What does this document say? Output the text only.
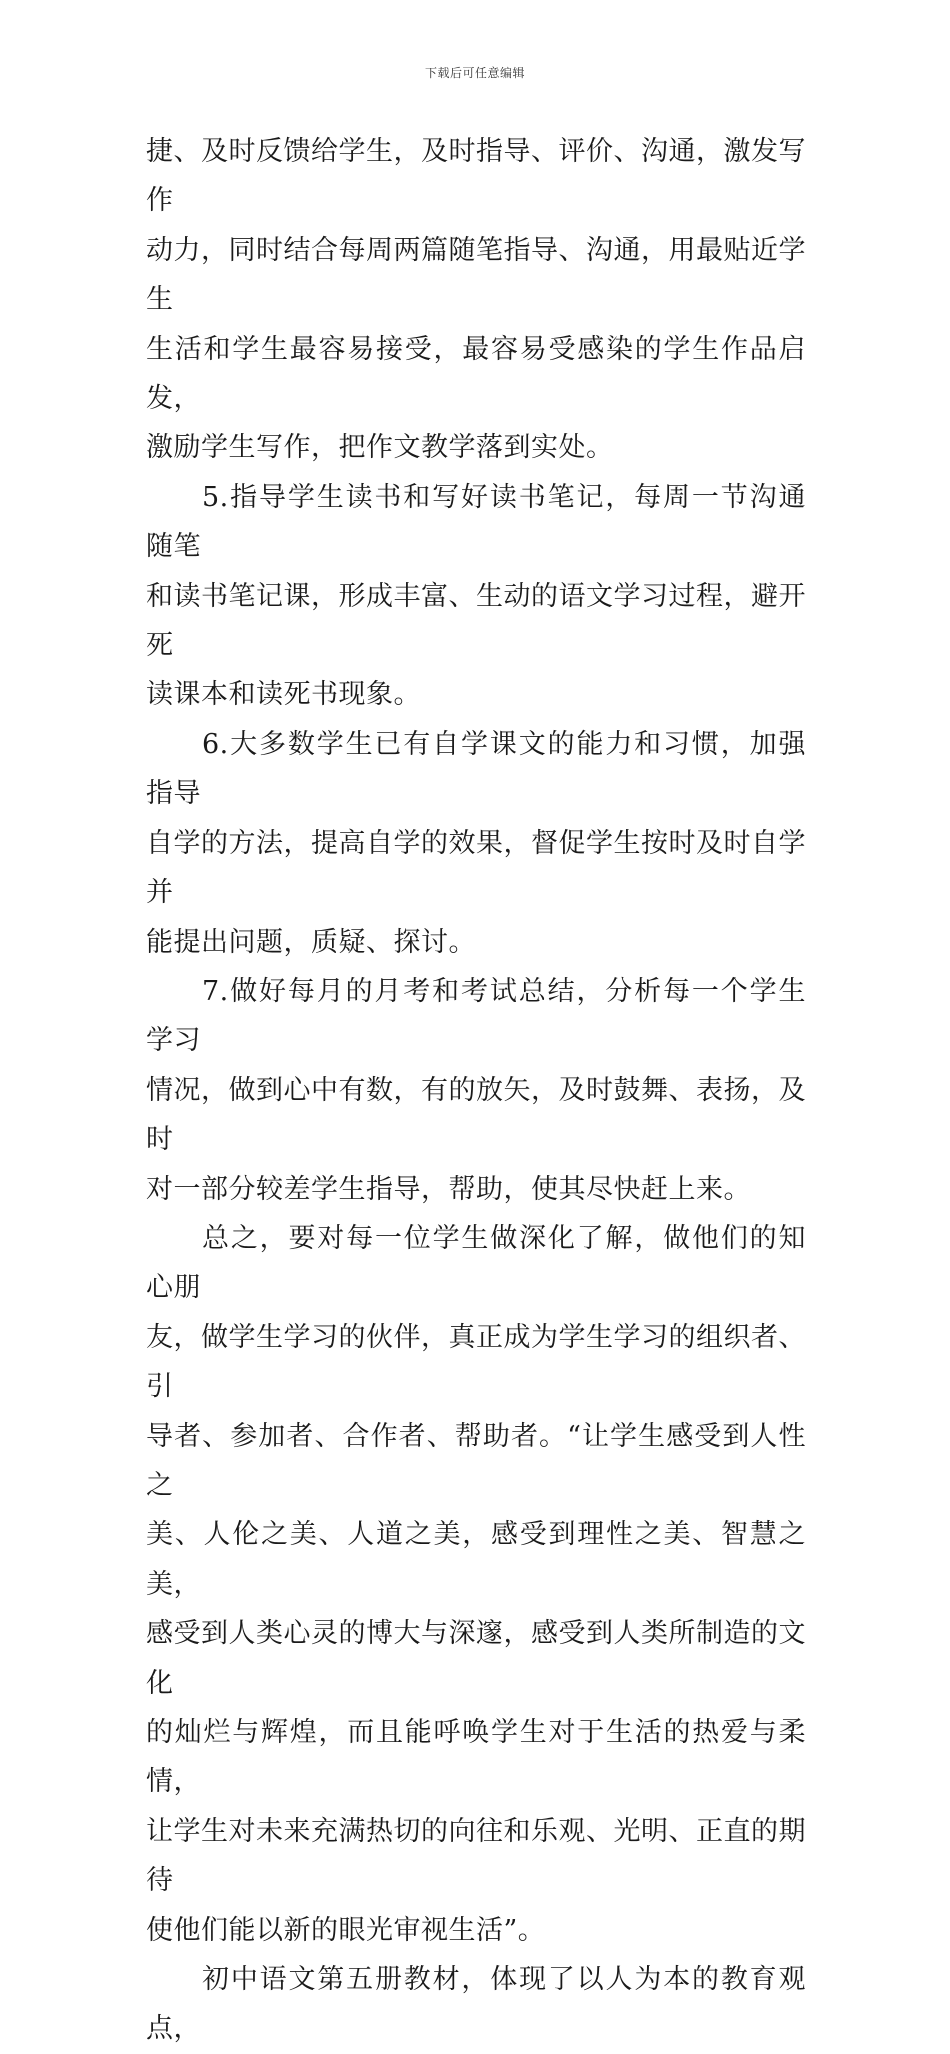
下载后可任意编辑

捷、及时反馈给学生，及时指导、评价、沟通，激发写作
动力，同时结合每周两篇随笔指导、沟通，用最贴近学生
生活和学生最容易接受，最容易受感染的学生作品启发，
激励学生写作，把作文教学落到实处。

5.指导学生读书和写好读书笔记，每周一节沟通随笔
和读书笔记课，形成丰富、生动的语文学习过程，避开死
读课本和读死书现象。

6.大多数学生已有自学课文的能力和习惯，加强指导
自学的方法，提高自学的效果，督促学生按时及时自学并
能提出问题，质疑、探讨。

7.做好每月的月考和考试总结，分析每一个学生学习
情况，做到心中有数，有的放矢，及时鼓舞、表扬，及时
对一部分较差学生指导，帮助，使其尽快赶上来。

总之，要对每一位学生做深化了解，做他们的知心朋
友，做学生学习的伙伴，真正成为学生学习的组织者、引
导者、参加者、合作者、帮助者。“让学生感受到人性之
美、人伦之美、人道之美，感受到理性之美、智慧之美，
感受到人类心灵的博大与深邃，感受到人类所制造的文化
的灿烂与辉煌，而且能呼唤学生对于生活的热爱与柔情，
让学生对未来充满热切的向往和乐观、光明、正直的期待
使他们能以新的眼光审视生活”。

初中语文第五册教材，体现了以人为本的教育观点，
